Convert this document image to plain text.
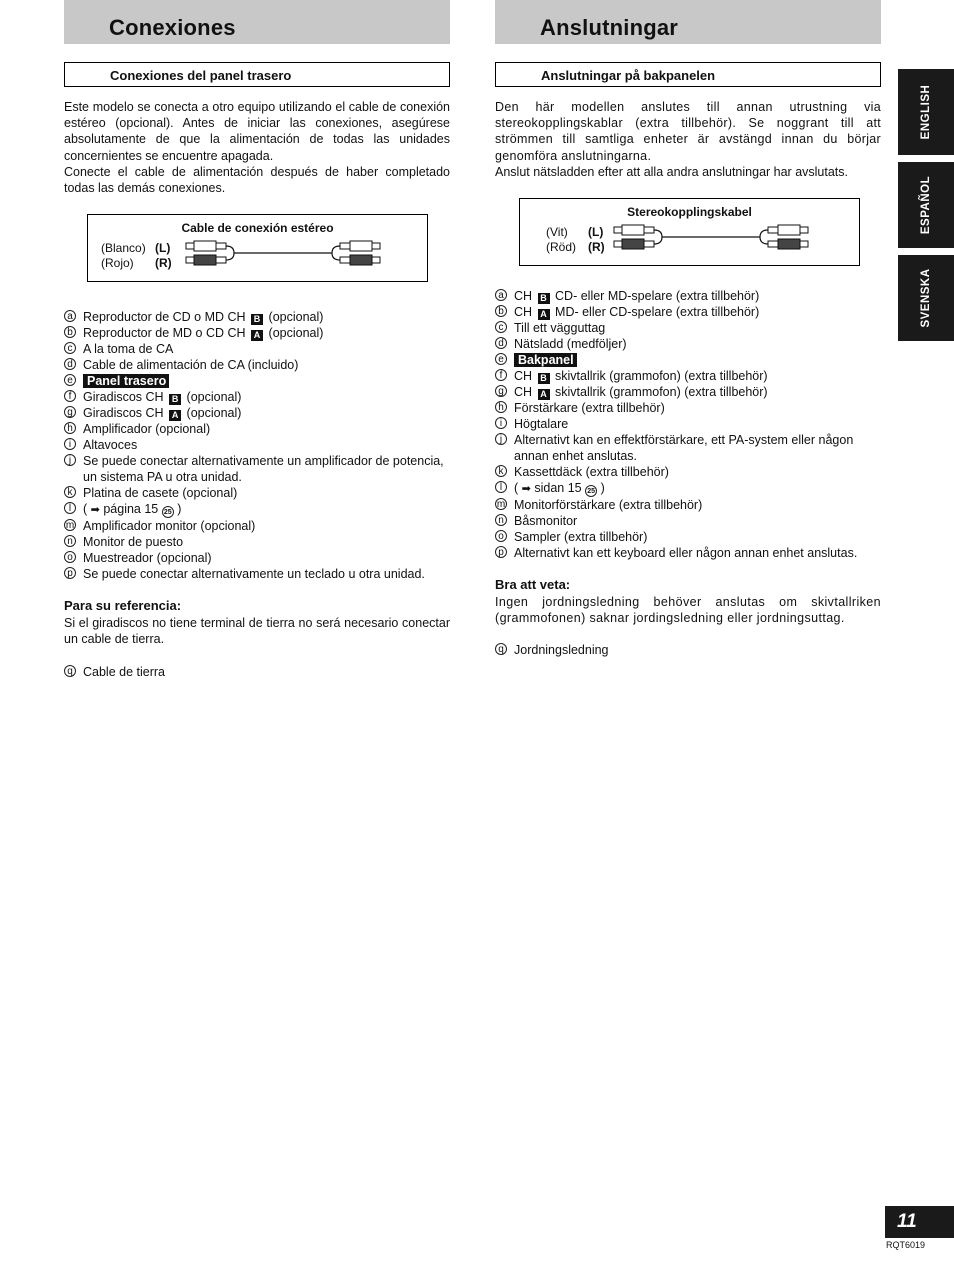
Conexiones
Conexiones del panel trasero

Este modelo se conecta a otro equipo utilizando el cable de conexión estéreo (opcional). Antes de iniciar las conexiones, asegúrese absolutamente de que la alimentación de todas las unidades concernientes se encuentre apagada.

Conecte el cable de alimentación después de haber completado todas las demás conexiones.

Cable de conexión estéreo
(Blanco)
(Rojo)
(L)
(R)
a Reproductor de CD o MD CH B (opcional)
b Reproductor de MD o CD CH A (opcional)
c A la toma de CA
d Cable de alimentación de CA (incluido)
e Panel trasero
f Giradiscos CH B (opcional)
g Giradiscos CH A (opcional)
h Amplificador (opcional)
i Altavoces
j Se puede conectar alternativamente un amplificador de potencia, un sistema PA u otra unidad.
k Platina de casete (opcional)
l ( ➡ página 15 25 )
m Amplificador monitor (opcional)
n Monitor de puesto
o Muestreador (opcional)
p Se puede conectar alternativamente un teclado u otra unidad.
Para su referencia:
Si el giradiscos no tiene terminal de tierra no será necesario conectar un cable de tierra.
q Cable de tierra
Anslutningar
Anslutningar på bakpanelen

Den här modellen anslutes till annan utrustning via stereokopplingskablar (extra tillbehör). Se noggrant till att strömmen till samtliga enheter är avstängd innan du börjar genomföra anslutningarna.

Anslut nätsladden efter att alla andra anslutningar har avslutats.

Stereokopplingskabel
(Vit)
(Röd)
(L)
(R)
a CH B CD- eller MD-spelare (extra tillbehör)
b CH A MD- eller CD-spelare (extra tillbehör)
c Till ett vägguttag
d Nätsladd (medföljer)
e Bakpanel
f CH B skivtallrik (grammofon) (extra tillbehör)
g CH A skivtallrik (grammofon) (extra tillbehör)
h Förstärkare (extra tillbehör)
i Högtalare
j Alternativt kan en effektförstärkare, ett PA-system eller någon annan enhet anslutas.
k Kassettdäck (extra tillbehör)
l ( ➡ sidan 15 25 )
m Monitorförstärkare (extra tillbehör)
n Båsmonitor
o Sampler (extra tillbehör)
p Alternativt kan ett keyboard eller någon annan enhet anslutas.
Bra att veta:
Ingen jordningsledning behöver anslutas om skivtallriken (grammofonen) saknar jordingsledning eller jordningsuttag.
q Jordningsledning
ENGLISH
ESPAÑOL
SVENSKA
11
RQT6019
